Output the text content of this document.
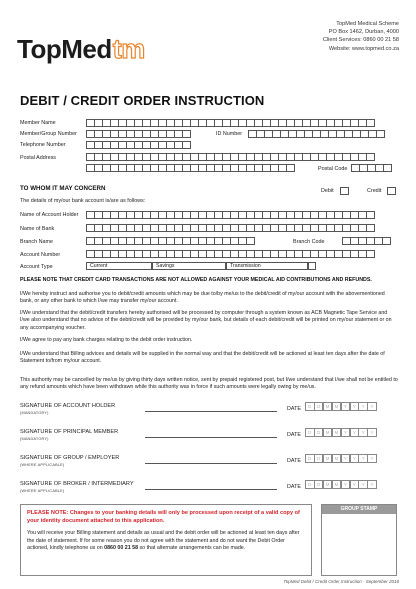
TopMedtm
TopMed Medical Scheme
PO Box 1462, Durban, 4000
Client Services: 0860 00 21 58
Website: www.topmed.co.za
DEBIT / CREDIT ORDER INSTRUCTION
Member Name
Member/Group Number	ID Number
Telephone Number
Postal Address
Postal Code
TO WHOM IT MAY CONCERN	Debit	Credit
The details of my/our bank account is/are as follows:
Name of Account Holder
Name of Bank
Branch Name	Branch Code
Account Number
Account Type	Current	Savings	Transmission
PLEASE NOTE THAT CREDIT CARD TRANSACTIONS ARE NOT ALLOWED AGAINST YOUR MEDICAL AID CONTRIBUTIONS AND REFUNDS.
I/We hereby instruct and authorise you to debit/credit amounts which may be due to/by me/us to the debit/credit of my/our account with the abovementioned bank, or any other bank to which I/we may transfer my/our account.
I/We understand that the debit/credit transfers hereby authorised will be processed by computer through a system known as ACB Magnetic Tape Service and I/we also understand that no advice of the debit/credit will be provided by my/our bank, but details of each debit/credit will be printed on my/our statement or on any accompanying voucher.
I/We agree to pay any bank charges relating to the debit order instruction.
I/We understand that Billing advices and details will be supplied in the normal way and that the debit/credit will be actioned at least ten days after the date of Statement to/from my/our account.
This authority may be cancelled by me/us by giving thirty days written notice, sent by prepaid registered post, but I/we understand that I/we shall not be entitled to any refund amounts which have been withdrawn while this authority was in force if such amounts were legally owing by me/us.
SIGNATURE OF ACCOUNT HOLDER
(MANDATORY)
DATE	D	D	M	M	Y	Y	Y	Y
SIGNATURE OF PRINCIPAL MEMBER
(MANDATORY)
DATE	D	D	M	M	Y	Y	Y	Y
SIGNATURE OF GROUP / EMPLOYER
(WHERE APPLICABLE)
DATE	D	D	M	M	Y	Y	Y	Y
SIGNATURE OF BROKER / INTERMEDIARY
(WHERE APPLICABLE)
DATE	D	D	M	M	Y	Y	Y	Y
PLEASE NOTE: Changes to your banking details will only be processed upon receipt of a valid copy of your identity document attached to this application.
You will receive your Billing statement and details as usual and the debit order will be actioned at least ten days after the date of statement. If for some reason you do not agree with the statement and do not want the Debit Order actioned, kindly telephone us on 0860 00 21 58 so that alternate arrangements can be made.
GROUP STAMP
TopMed Debit / Credit Order Instruction - September 2016
